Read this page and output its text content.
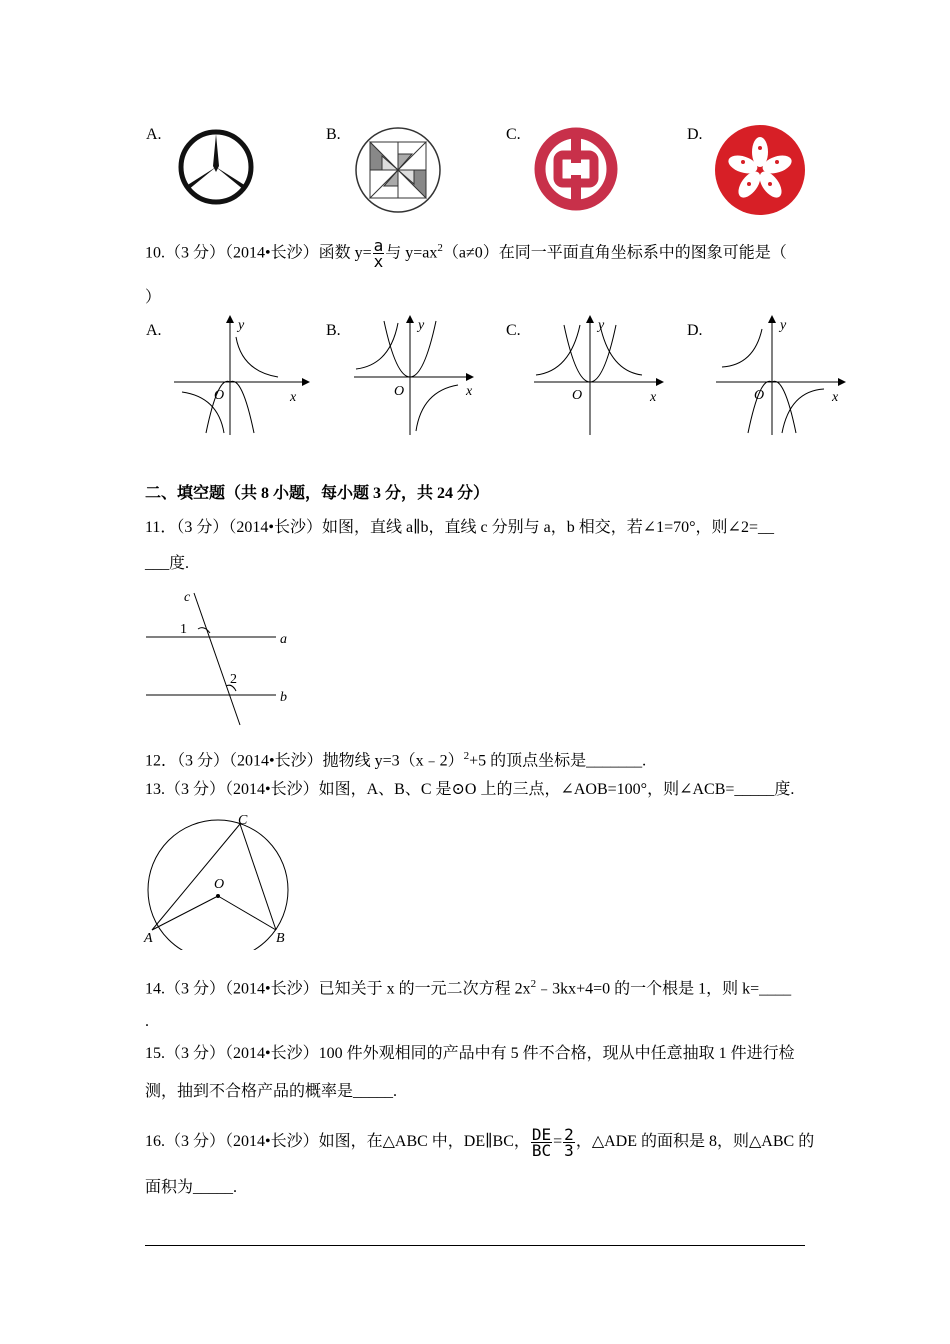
A.	B.	C.	D.
10.（3 分）（2014•长沙）函数 $y= \frac{a}{x}$ 与 $y=ax^2(a\ne 0)$在同一平面直角坐标系中的图象可能是（
）
A.
x
y
O
B.
x
y
O
C.
x
y
O
D.
x
y
O
二、填空题（共 8 小题，每小题 3 分，共 24 分）
11．（3 分）（2014•长沙）如图，直线 a∥b，直线 c 分别与 a，b 相交，若∠1=70°，则∠2=__
___度.
c
a
b
1
2
12．（3 分）（2014•长沙）抛物线 y=3（x﹣2）$^2$+5 的顶点坐标是_______.
13.（3 分）（2014•长沙）如图，A、B、C 是⊙O 上的三点，∠AOB=100°，则∠ACB=_____度.
A	B
C
O
14.（3 分）（2014•长沙）已知关于 x 的一元二次方程 $2x^2﹣3kx+4=0$ 的一个根是 1，则 k=____
.
15.（3 分）（2014•长沙）100 件外观相同的产品中有 5 件不合格，现从中任意抽取 1 件进行检
测，抽到不合格产品的概率是_____.
16.（3 分）（2014•长沙）如图，在△ABC 中，DE∥BC， $\frac{DE}{BC} = \frac{2}{3}$ ，△ADE 的面积是 8，则△ABC 的
面积为_____.
